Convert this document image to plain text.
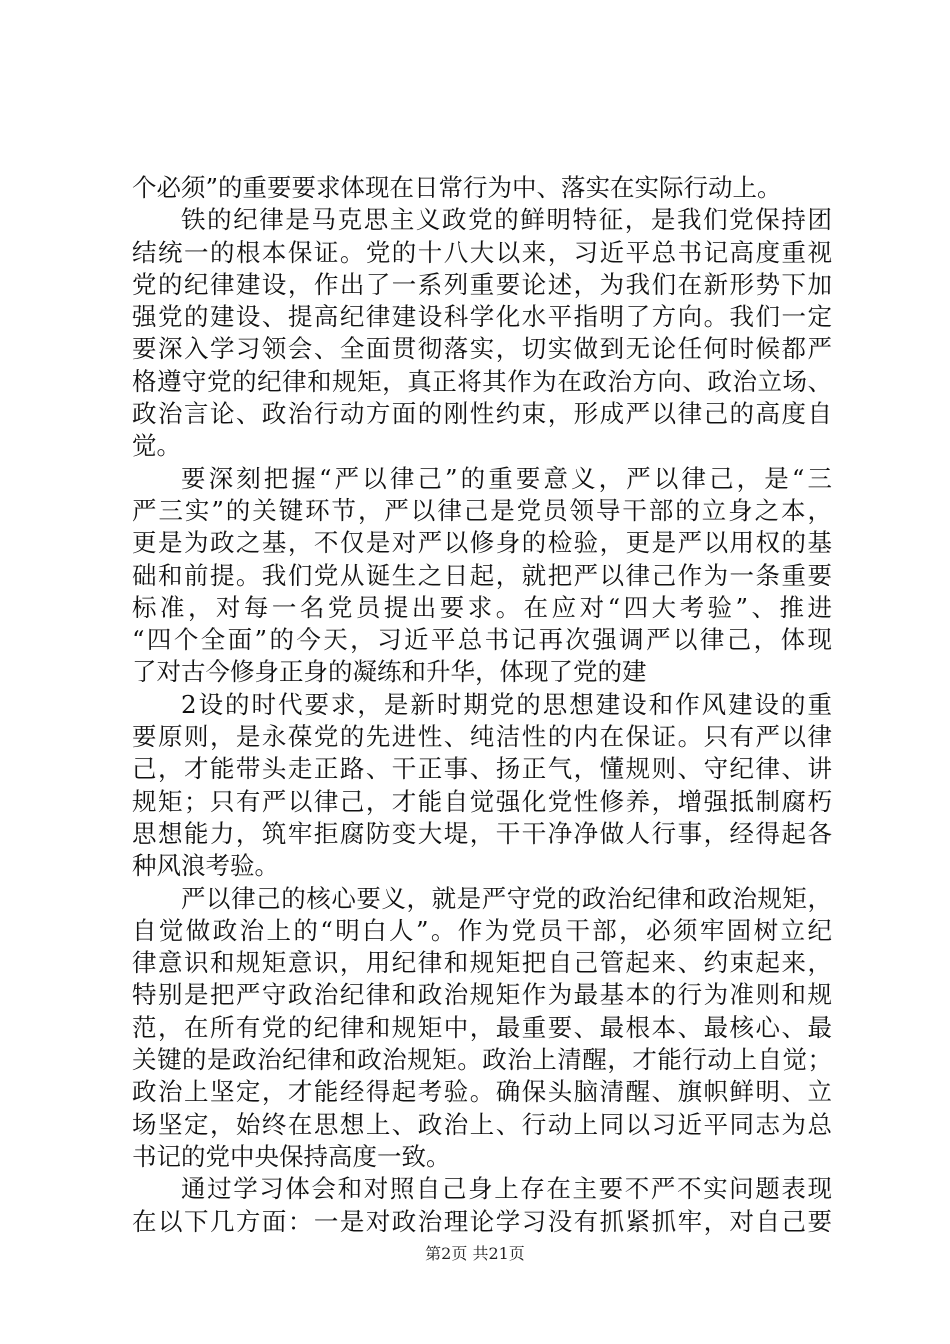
个必须”的重要要求体现在日常行为中、落实在实际行动上。
铁的纪律是马克思主义政党的鲜明特征，是我们党保持团
结统一的根本保证。党的十八大以来，习近平总书记高度重视
党的纪律建设，作出了一系列重要论述，为我们在新形势下加
强党的建设、提高纪律建设科学化水平指明了方向。我们一定
要深入学习领会、全面贯彻落实，切实做到无论任何时候都严
格遵守党的纪律和规矩，真正将其作为在政治方向、政治立场、
政治言论、政治行动方面的刚性约束，形成严以律己的高度自
觉。
要深刻把握“严以律己”的重要意义，严以律己，是“三
严三实”的关键环节，严以律己是党员领导干部的立身之本，
更是为政之基，不仅是对严以修身的检验，更是严以用权的基
础和前提。我们党从诞生之日起，就把严以律己作为一条重要
标准，对每一名党员提出要求。在应对“四大考验”、推进
“四个全面”的今天，习近平总书记再次强调严以律己，体现
了对古今修身正身的凝练和升华，体现了党的建
2设的时代要求，是新时期党的思想建设和作风建设的重
要原则，是永葆党的先进性、纯洁性的内在保证。只有严以律
己，才能带头走正路、干正事、扬正气，懂规则、守纪律、讲
规矩；只有严以律己，才能自觉强化党性修养，增强抵制腐朽
思想能力，筑牢拒腐防变大堤，干干净净做人行事，经得起各
种风浪考验。
严以律己的核心要义，就是严守党的政治纪律和政治规矩，
自觉做政治上的“明白人”。作为党员干部，必须牢固树立纪
律意识和规矩意识，用纪律和规矩把自己管起来、约束起来，
特别是把严守政治纪律和政治规矩作为最基本的行为准则和规
范，在所有党的纪律和规矩中，最重要、最根本、最核心、最
关键的是政治纪律和政治规矩。政治上清醒，才能行动上自觉；
政治上坚定，才能经得起考验。确保头脑清醒、旗帜鲜明、立
场坚定，始终在思想上、政治上、行动上同以习近平同志为总
书记的党中央保持高度一致。
通过学习体会和对照自己身上存在主要不严不实问题表现
在以下几方面：一是对政治理论学习没有抓紧抓牢，对自己要
第2页 共21页
